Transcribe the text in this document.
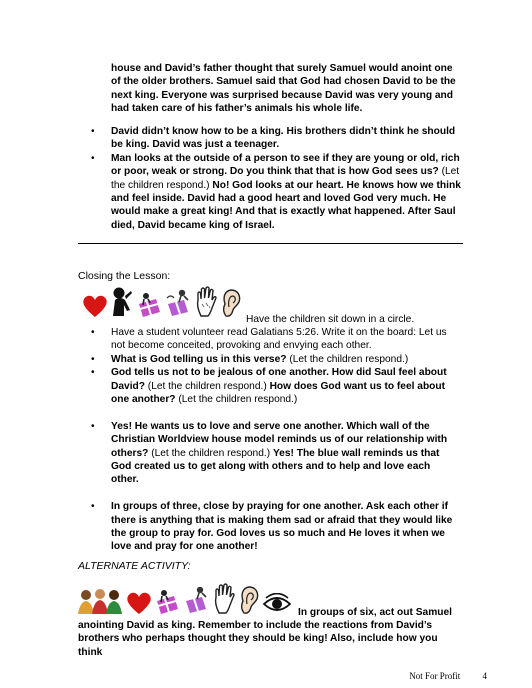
house and David’s father thought that surely Samuel would anoint one of the older brothers. Samuel said that God had chosen David to be the next king. Everyone was surprised because David was very young and had taken care of his father’s animals his whole life.
• David didn’t know how to be a king. His brothers didn’t think he should be king. David was just a teenager.
• Man looks at the outside of a person to see if they are young or old, rich or poor, weak or strong. Do you think that that is how God sees us? (Let the children respond.) No! God looks at our heart. He knows how we think and feel inside. David had a good heart and loved God very much. He would make a great king! And that is exactly what happened. After Saul died, David became king of Israel.
Closing the Lesson:
Have the children sit down in a circle.
• Have a student volunteer read Galatians 5:26. Write it on the board: Let us not become conceited, provoking and envying each other.
• What is God telling us in this verse? (Let the children respond.)
• God tells us not to be jealous of one another. How did Saul feel about David? (Let the children respond.) How does God want us to feel about one another? (Let the children respond.)
• Yes! He wants us to love and serve one another. Which wall of the Christian Worldview house model reminds us of our relationship with others? (Let the children respond.) Yes! The blue wall reminds us that God created us to get along with others and to help and love each other.
• In groups of three, close by praying for one another. Ask each other if there is anything that is making them sad or afraid that they would like the group to pray for. God loves us so much and He loves it when we love and pray for one another!
ALTERNATE ACTIVITY:
In groups of six, act out Samuel
anointing David as king. Remember to include the reactions from David’s brothers who perhaps thought they should be king! Also, include how you think
Not For Profit 4
